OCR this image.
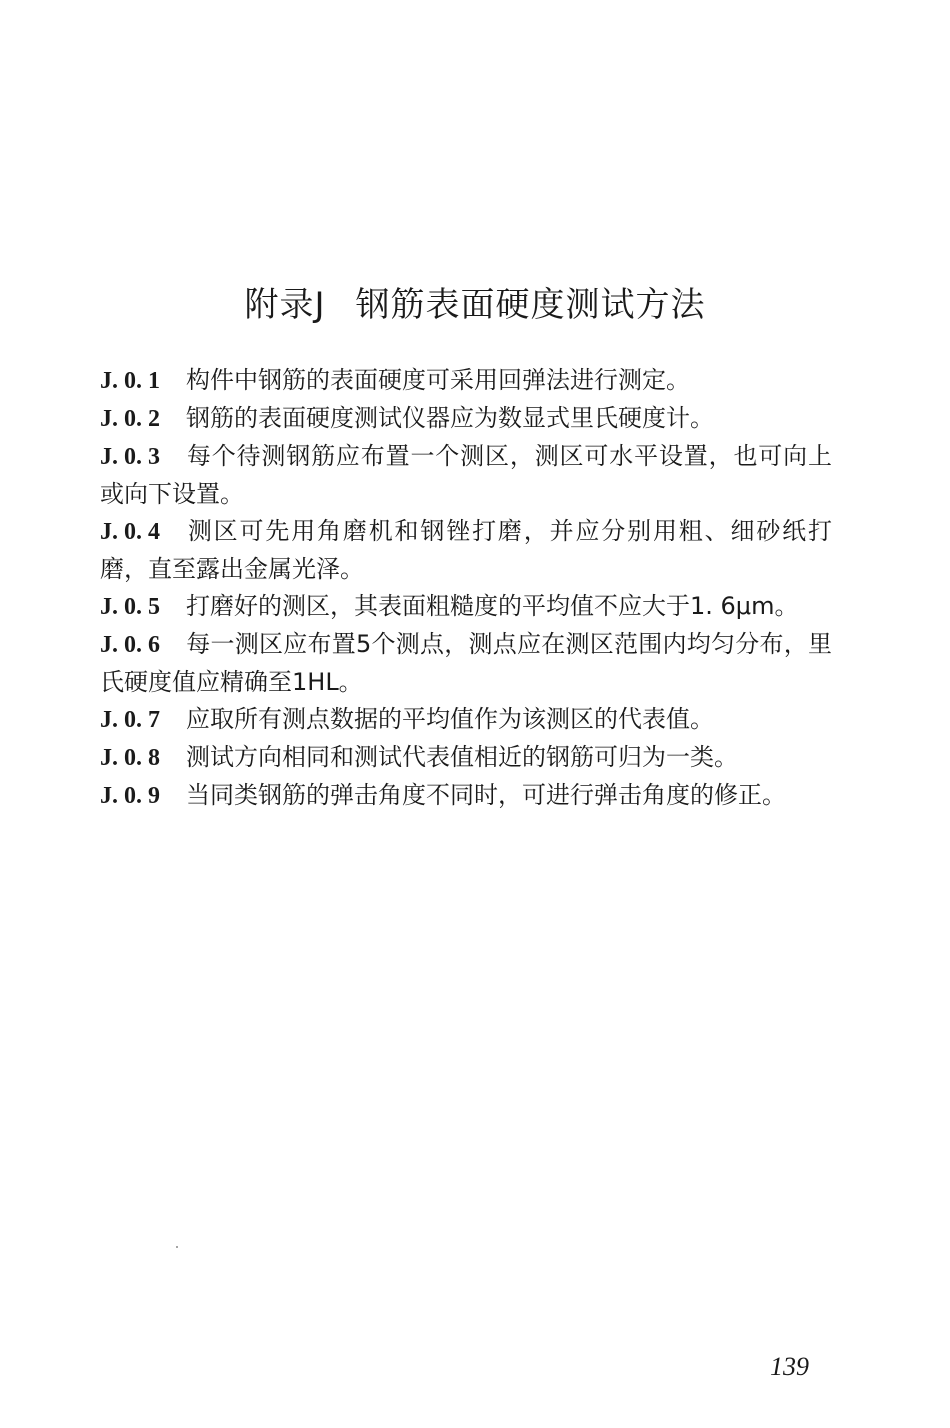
附录J 钢筋表面硬度测试方法

J. 0. 1 构件中钢筋的表面硬度可采用回弹法进行测定。

J. 0. 2 钢筋的表面硬度测试仪器应为数显式里氏硬度计。

J. 0. 3 每个待测钢筋应布置一个测区，测区可水平设置，也可向上或向下设置。

J. 0. 4 测区可先用角磨机和钢锉打磨，并应分别用粗、细砂纸打磨，直至露出金属光泽。

J. 0. 5 打磨好的测区，其表面粗糙度的平均值不应大于1. 6μm。

J. 0. 6 每一测区应布置5个测点，测点应在测区范围内均匀分布，里氏硬度值应精确至1HL。

J. 0. 7 应取所有测点数据的平均值作为该测区的代表值。

J. 0. 8 测试方向相同和测试代表值相近的钢筋可归为一类。

J. 0. 9 当同类钢筋的弹击角度不同时，可进行弹击角度的修正。

139
